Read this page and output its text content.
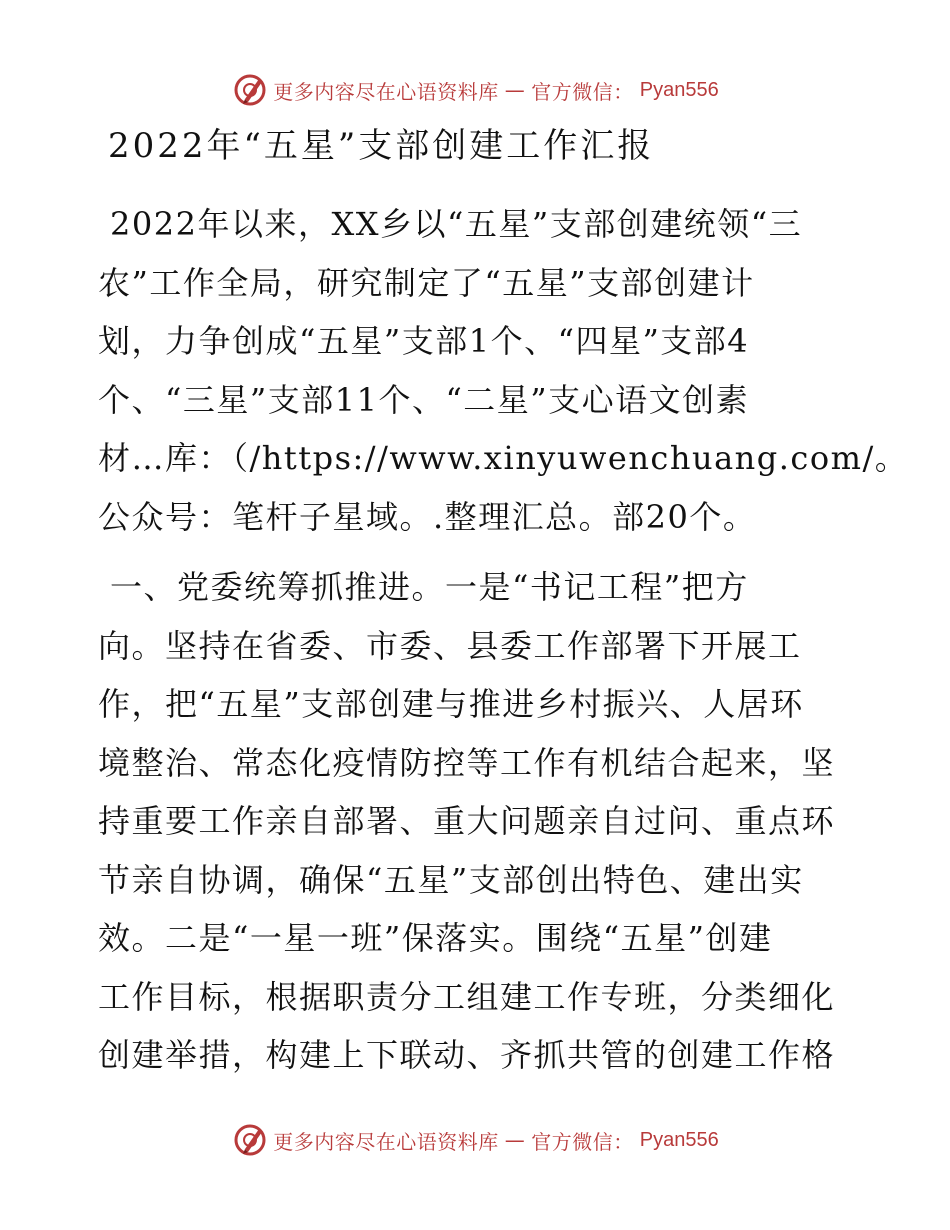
更多内容尽在心语资料库 — 官方微信： Pyan556
2022年“五星”支部创建工作汇报
2022年以来，XX乡以“五星”支部创建统领“三
农”工作全局，研究制定了“五星”支部创建计
划，力争创成“五星”支部1个、“四星”支部4
个、“三星”支部11个、“二星”支心语文创素
材…库：（/https://www.xinyuwenchuang.com/。
公众号：笔杆子星域。.整理汇总。部20个。
一、党委统筹抓推进。一是“书记工程”把方
向。坚持在省委、市委、县委工作部署下开展工
作，把“五星”支部创建与推进乡村振兴、人居环
境整治、常态化疫情防控等工作有机结合起来，坚
持重要工作亲自部署、重大问题亲自过问、重点环
节亲自协调，确保“五星”支部创出特色、建出实
效。二是“一星一班”保落实。围绕“五星”创建
工作目标，根据职责分工组建工作专班，分类细化
创建举措，构建上下联动、齐抓共管的创建工作格
更多内容尽在心语资料库 — 官方微信： Pyan556
